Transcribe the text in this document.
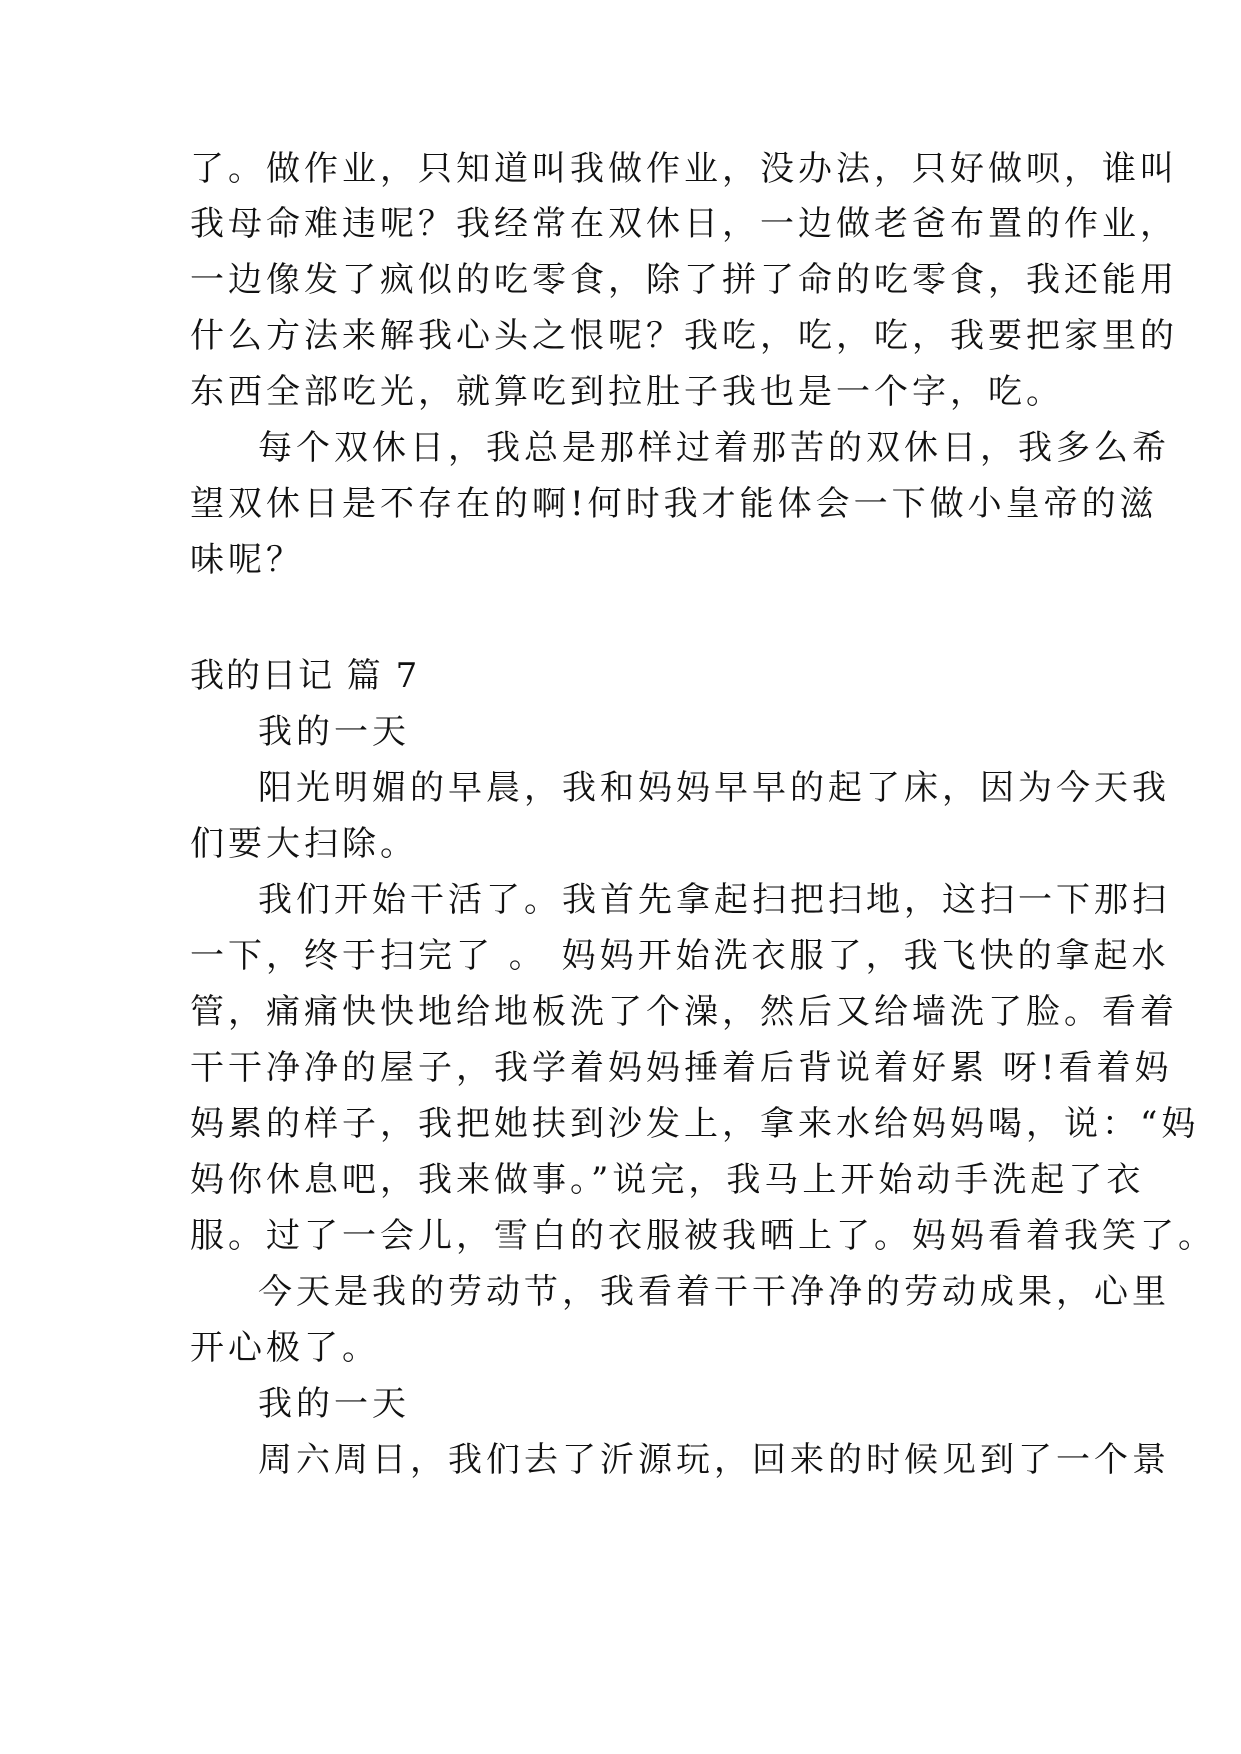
了。做作业，只知道叫我做作业，没办法，只好做呗，谁叫
我母命难违呢？我经常在双休日，一边做老爸布置的作业，
一边像发了疯似的吃零食，除了拼了命的吃零食，我还能用
什么方法来解我心头之恨呢？我吃，吃，吃，我要把家里的
东西全部吃光，就算吃到拉肚子我也是一个字，吃。
每个双休日，我总是那样过着那苦的双休日，我多么希
望双休日是不存在的啊!何时我才能体会一下做小皇帝的滋
味呢？
我的日记 篇 7
我的一天
阳光明媚的早晨，我和妈妈早早的起了床，因为今天我
们要大扫除。
我们开始干活了。我首先拿起扫把扫地，这扫一下那扫
一下，终于扫完了 。 妈妈开始洗衣服了，我飞快的拿起水
管，痛痛快快地给地板洗了个澡，然后又给墙洗了脸。看着
干干净净的屋子，我学着妈妈捶着后背说着好累 呀!看着妈
妈累的样子，我把她扶到沙发上，拿来水给妈妈喝，说：“妈
妈你休息吧，我来做事。”说完，我马上开始动手洗起了衣
服。过了一会儿，雪白的衣服被我晒上了。妈妈看着我笑了。
今天是我的劳动节，我看着干干净净的劳动成果，心里
开心极了。
我的一天
周六周日，我们去了沂源玩，回来的时候见到了一个景
